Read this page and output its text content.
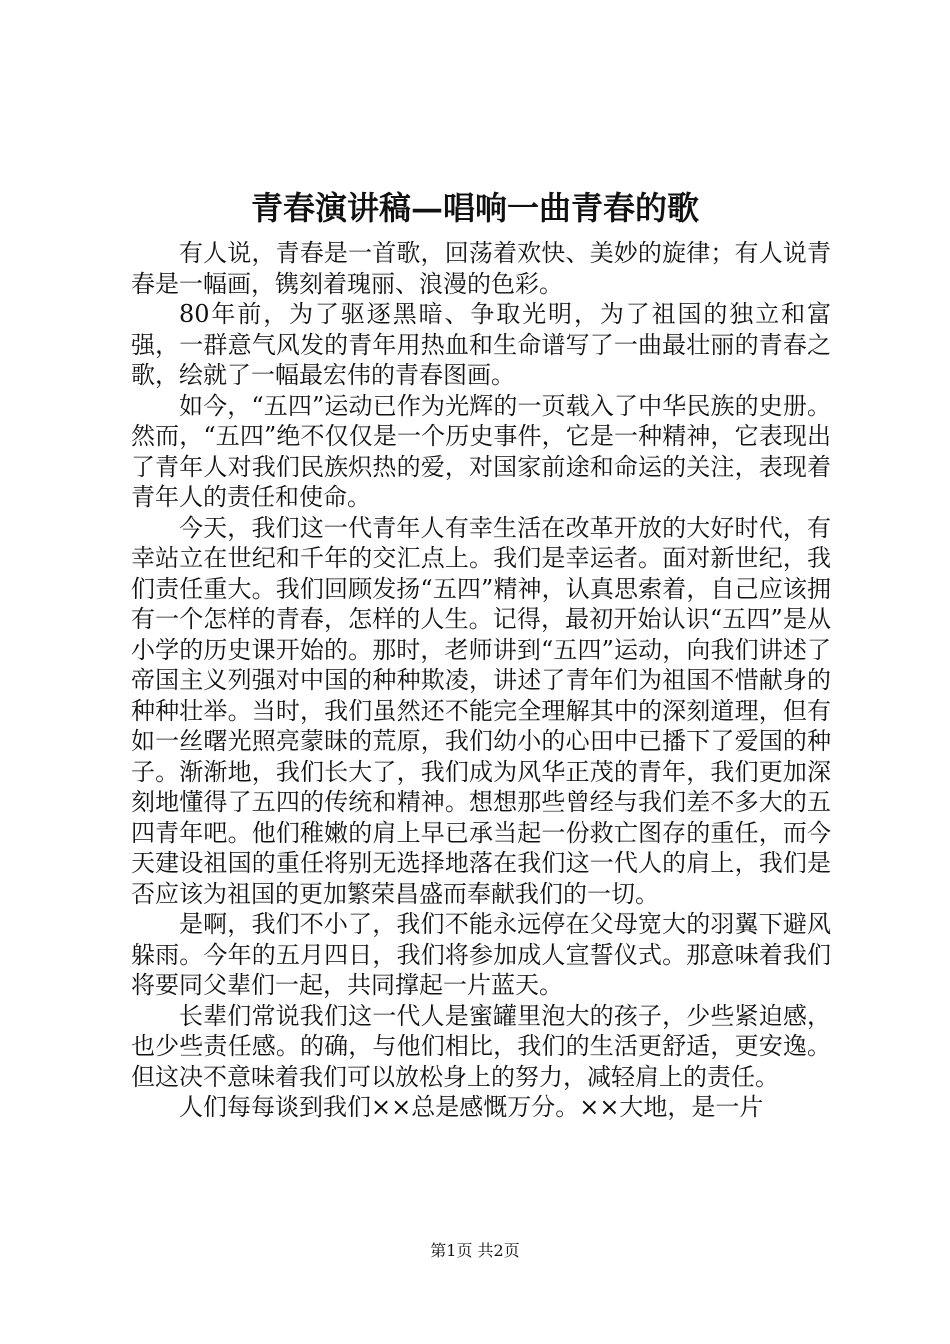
青春演讲稿—唱响一曲青春的歌

有人说，青春是一首歌，回荡着欢快、美妙的旋律；有人说青春是一幅画，镌刻着瑰丽、浪漫的色彩。

80年前，为了驱逐黑暗、争取光明，为了祖国的独立和富强，一群意气风发的青年用热血和生命谱写了一曲最壮丽的青春之歌，绘就了一幅最宏伟的青春图画。

如今，“五四”运动已作为光辉的一页载入了中华民族的史册。然而，“五四”绝不仅仅是一个历史事件，它是一种精神，它表现出了青年人对我们民族炽热的爱，对国家前途和命运的关注，表现着青年人的责任和使命。

今天，我们这一代青年人有幸生活在改革开放的大好时代，有幸站立在世纪和千年的交汇点上。我们是幸运者。面对新世纪，我们责任重大。我们回顾发扬“五四”精神，认真思索着，自己应该拥有一个怎样的青春，怎样的人生。记得，最初开始认识“五四”是从小学的历史课开始的。那时，老师讲到“五四”运动，向我们讲述了帝国主义列强对中国的种种欺凌，讲述了青年们为祖国不惜献身的种种壮举。当时，我们虽然还不能完全理解其中的深刻道理，但有如一丝曙光照亮蒙昧的荒原，我们幼小的心田中已播下了爱国的种子。渐渐地，我们长大了，我们成为风华正茂的青年，我们更加深刻地懂得了五四的传统和精神。想想那些曾经与我们差不多大的五四青年吧。他们稚嫩的肩上早已承当起一份救亡图存的重任，而今天建设祖国的重任将别无选择地落在我们这一代人的肩上，我们是否应该为祖国的更加繁荣昌盛而奉献我们的一切。

是啊，我们不小了，我们不能永远停在父母宽大的羽翼下避风躲雨。今年的五月四日，我们将参加成人宣誓仪式。那意味着我们将要同父辈们一起，共同撑起一片蓝天。

长辈们常说我们这一代人是蜜罐里泡大的孩子，少些紧迫感，也少些责任感。的确，与他们相比，我们的生活更舒适，更安逸。但这决不意味着我们可以放松身上的努力，减轻肩上的责任。

人们每每谈到我们××总是感慨万分。××大地，是一片

第1页 共2页
